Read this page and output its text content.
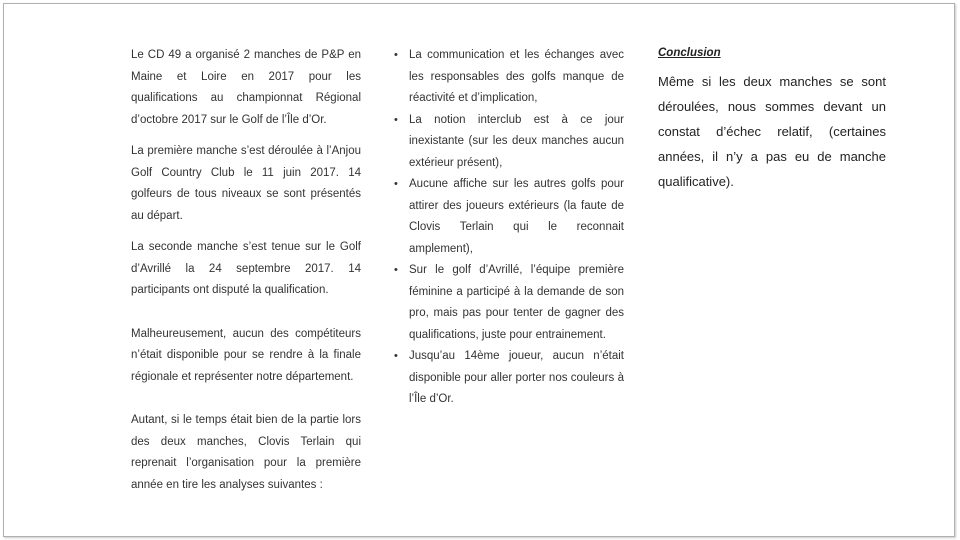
Le CD 49 a organisé 2 manches de P&P en Maine et Loire en 2017 pour les qualifications au championnat Régional d’octobre 2017 sur le Golf de l’Île d’Or.

La première manche s’est déroulée à l’Anjou Golf Country Club le 11 juin 2017. 14 golfeurs de tous niveaux se sont présentés au départ.

La seconde manche s’est tenue sur le Golf d’Avrillé la 24 septembre 2017. 14 participants ont disputé la qualification.

Malheureusement, aucun des compétiteurs n’était disponible pour se rendre à la finale régionale et représenter notre département.

Autant, si le temps était bien de la partie lors des deux manches, Clovis Terlain qui reprenait l’organisation pour la première année en tire les analyses suivantes :

• La communication et les échanges avec les responsables des golfs manque de réactivité et d’implication,
• La notion interclub est à ce jour inexistante (sur les deux manches aucun extérieur présent),
• Aucune affiche sur les autres golfs pour attirer des joueurs extérieurs (la faute de Clovis Terlain qui le reconnait amplement),
• Sur le golf d’Avrillé, l’équipe première féminine a participé à la demande de son pro, mais pas pour tenter de gagner des qualifications, juste pour entrainement.
• Jusqu’au 14ème joueur, aucun n’était disponible pour aller porter nos couleurs à l’Île d’Or.

Conclusion

Même si les deux manches se sont déroulées, nous sommes devant un constat d’échec relatif, (certaines années, il n’y a pas eu de manche qualificative).
